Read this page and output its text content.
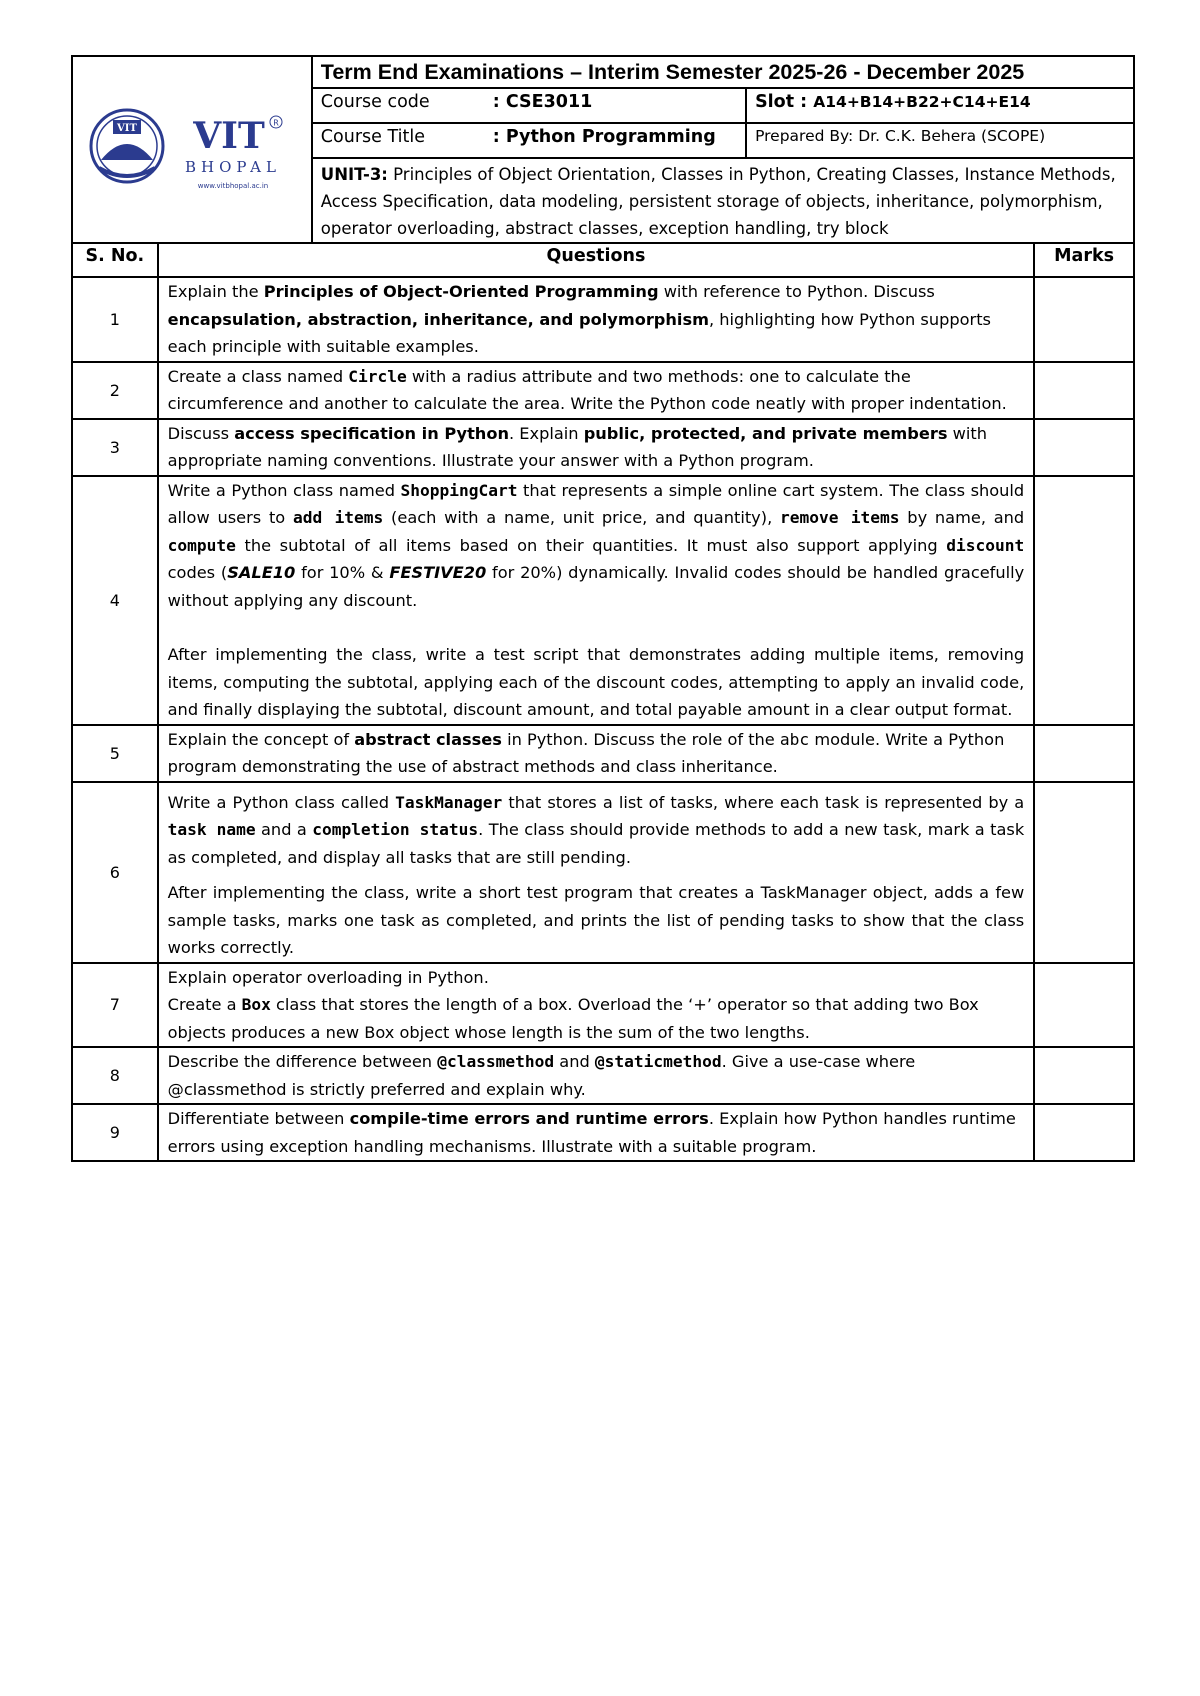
VIT VIT R
BHOPAL
www.vitbhopal.ac.in		Term End Examinations – Interim Semester 2025-26 - December 2025		
		Course code : CSE3011	Slot : A14+B14+B22+C14+E14	
		Course Title : Python Programming	Prepared By: Dr. C.K. Behera (SCOPE)	
		UNIT-3: Principles of Object Orientation, Classes in Python, Creating Classes, Instance Methods, Access Specification, data modeling, persistent storage of objects, inheritance, polymorphism, operator overloading, abstract classes, exception handling, try block		
S. No.	Questions			Marks
1	Explain the Principles of Object-Oriented Programming with reference to Python. Discuss encapsulation, abstraction, inheritance, and polymorphism, highlighting how Python supports each principle with suitable examples.			
2	Create a class named Circle with a radius attribute and two methods: one to calculate the circumference and another to calculate the area. Write the Python code neatly with proper indentation.			
3	Discuss access specification in Python. Explain public, protected, and private members with appropriate naming conventions. Illustrate your answer with a Python program.			
4	Write a Python class named ShoppingCart that represents a simple online cart system. The class should allow users to add items (each with a name, unit price, and quantity), remove items by name, and compute the subtotal of all items based on their quantities. It must also support applying discount codes (SALE10 for 10% & FESTIVE20 for 20%) dynamically. Invalid codes should be handled gracefully without applying any discount.

After implementing the class, write a test script that demonstrates adding multiple items, removing items, computing the subtotal, applying each of the discount codes, attempting to apply an invalid code, and finally displaying the subtotal, discount amount, and total payable amount in a clear output format.			

5	Explain the concept of abstract classes in Python. Discuss the role of the abc module. Write a Python program demonstrating the use of abstract methods and class inheritance.			
6	Write a Python class called TaskManager that stores a list of tasks, where each task is represented by a task name and a completion status. The class should provide methods to add a new task, mark a task as completed, and display all tasks that are still pending.

After implementing the class, write a short test program that creates a TaskManager object, adds a few sample tasks, marks one task as completed, and prints the list of pending tasks to show that the class works correctly.			

7	Explain operator overloading in Python.

Create a Box class that stores the length of a box. Overload the ‘+’ operator so that adding two Box objects produces a new Box object whose length is the sum of the two lengths.			

8	Describe the difference between @classmethod and @staticmethod. Give a use-case where @classmethod is strictly preferred and explain why.			
9	Differentiate between compile-time errors and runtime errors. Explain how Python handles runtime errors using exception handling mechanisms. Illustrate with a suitable program.			
